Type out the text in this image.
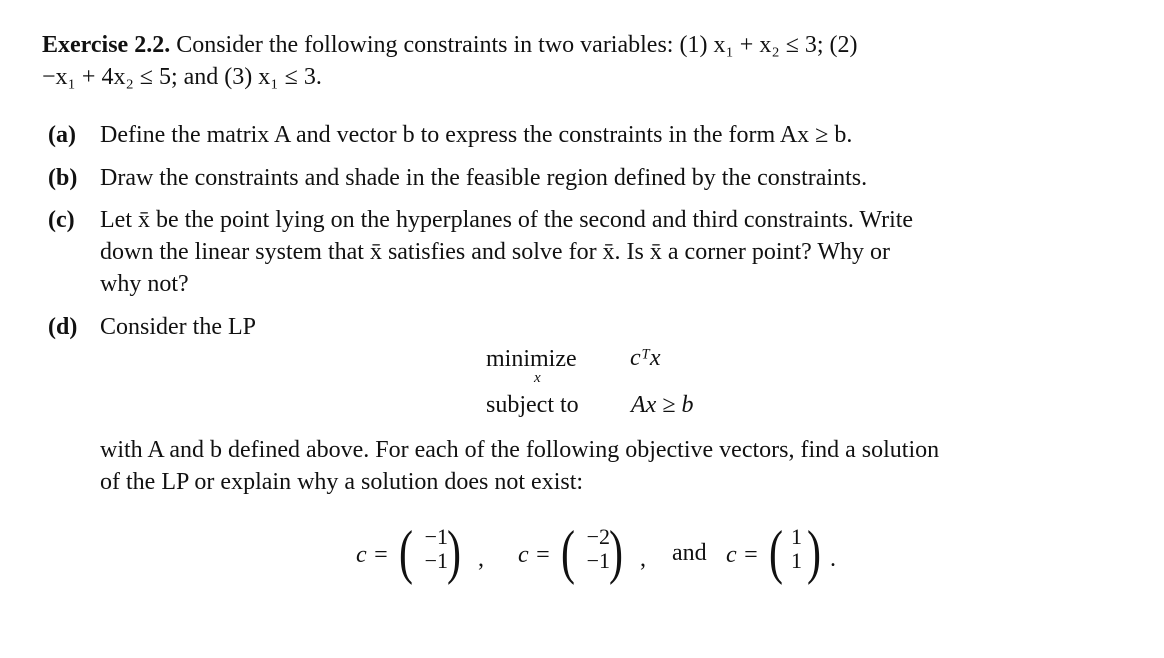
Exercise 2.2. Consider the following constraints in two variables: (1) x₁ + x₂ ≤ 3; (2)
−x₁ + 4x₂ ≤ 5; and (3) x₁ ≤ 3.
(a) Define the matrix A and vector b to express the constraints in the form Ax ≥ b.
(b) Draw the constraints and shade in the feasible region defined by the constraints.
(c) Let x̄ be the point lying on the hyperplanes of the second and third constraints. Write
down the linear system that x̄ satisfies and solve for x̄. Is x̄ a corner point? Why or
why not?
(d) Consider the LP
minimize
x
cᵀx
subject to Ax ≥ b
with A and b defined above. For each of the following objective vectors, find a solution
of the LP or explain why a solution does not exist:
c = ( −1
−1 ) , c = ( −2
−1 ) , and c = ( 1
1 ) .
